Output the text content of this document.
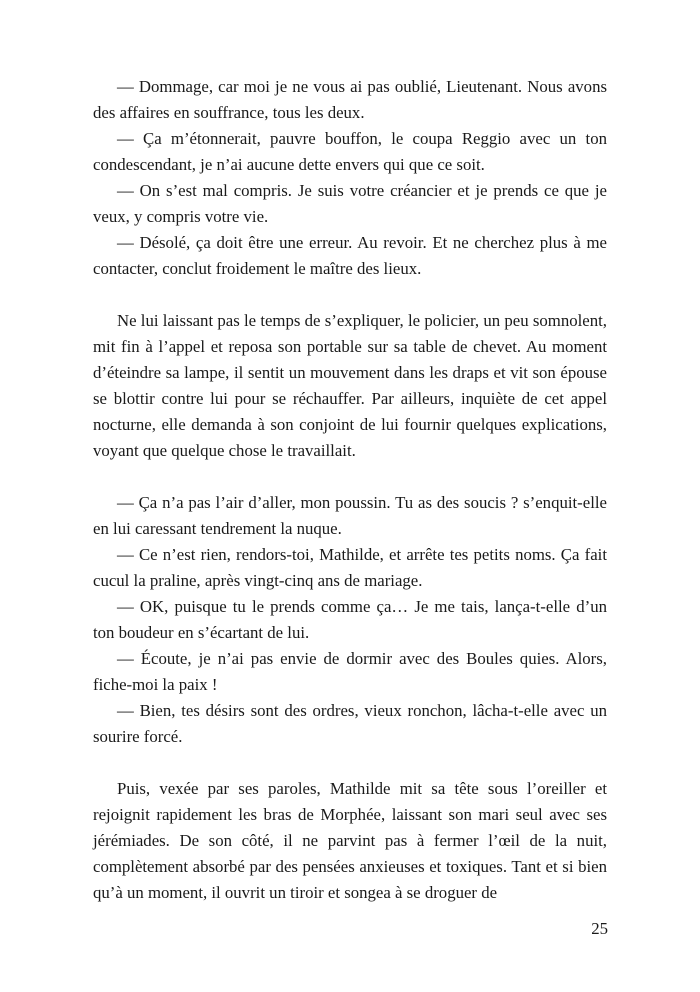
— Dommage, car moi je ne vous ai pas oublié, Lieutenant. Nous avons des affaires en souffrance, tous les deux.

— Ça m’étonnerait, pauvre bouffon, le coupa Reggio avec un ton condescendant, je n’ai aucune dette envers qui que ce soit.

— On s’est mal compris. Je suis votre créancier et je prends ce que je veux, y compris votre vie.

— Désolé, ça doit être une erreur. Au revoir. Et ne cherchez plus à me contacter, conclut froidement le maître des lieux.

Ne lui laissant pas le temps de s’expliquer, le policier, un peu somnolent, mit fin à l’appel et reposa son portable sur sa table de chevet. Au moment d’éteindre sa lampe, il sentit un mouvement dans les draps et vit son épouse se blottir contre lui pour se réchauffer. Par ailleurs, inquiète de cet appel nocturne, elle demanda à son conjoint de lui fournir quelques explications, voyant que quelque chose le travaillait.

— Ça n’a pas l’air d’aller, mon poussin. Tu as des soucis ? s’enquit-elle en lui caressant tendrement la nuque.

— Ce n’est rien, rendors-toi, Mathilde, et arrête tes petits noms. Ça fait cucul la praline, après vingt-cinq ans de mariage.

— OK, puisque tu le prends comme ça… Je me tais, lança-t-elle d’un ton boudeur en s’écartant de lui.

— Écoute, je n’ai pas envie de dormir avec des Boules quies. Alors, fiche-moi la paix !

— Bien, tes désirs sont des ordres, vieux ronchon, lâcha-t-elle avec un sourire forcé.

Puis, vexée par ses paroles, Mathilde mit sa tête sous l’oreiller et rejoignit rapidement les bras de Morphée, laissant son mari seul avec ses jérémiades. De son côté, il ne parvint pas à fermer l’œil de la nuit, complètement absorbé par des pensées anxieuses et toxiques. Tant et si bien qu’à un moment, il ouvrit un tiroir et songea à se droguer de

25
